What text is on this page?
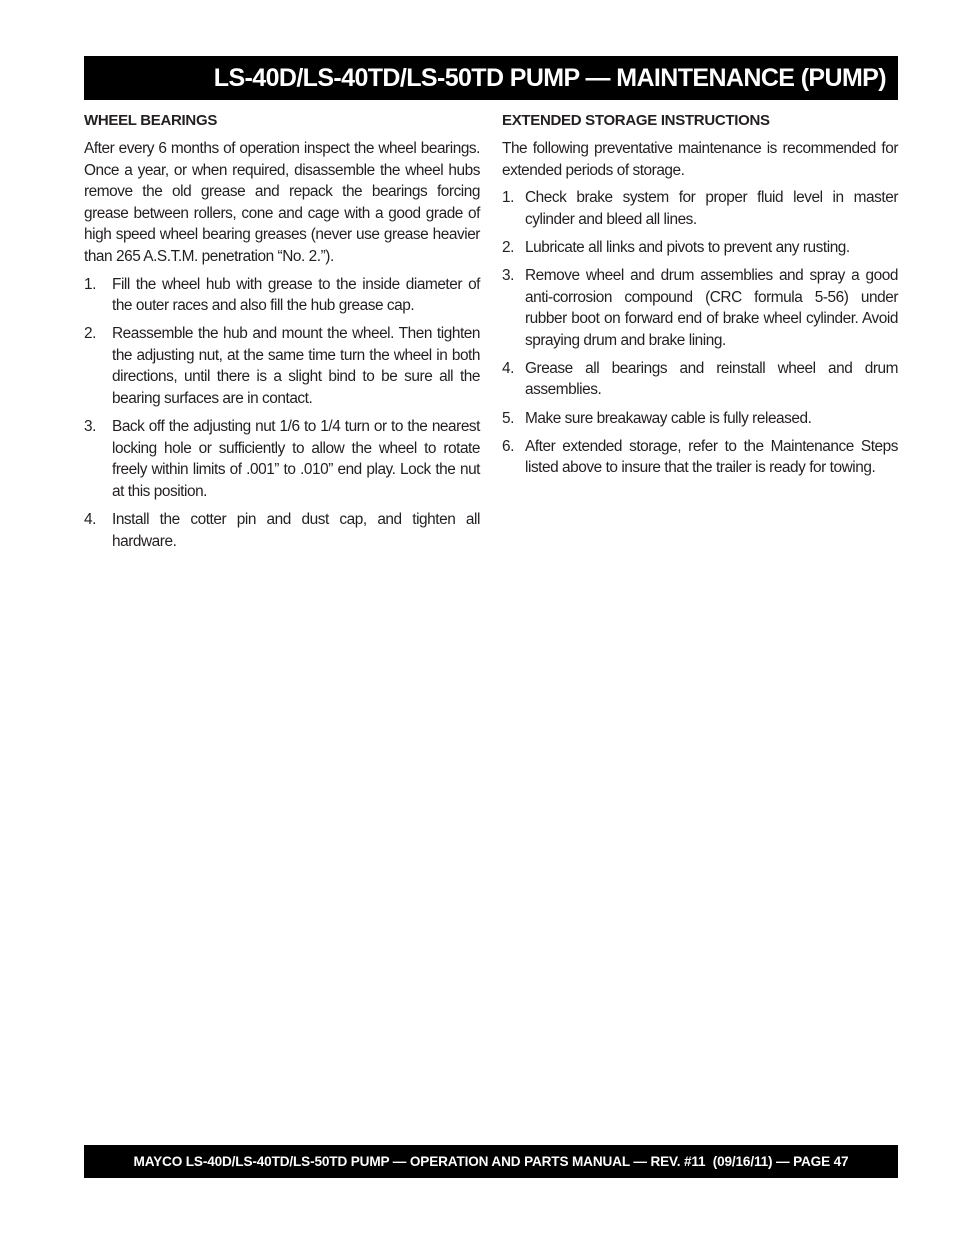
LS-40D/LS-40TD/LS-50TD PUMP — MAINTENANCE (PUMP)
WHEEL BEARINGS

After every 6 months of operation inspect the wheel bearings. Once a year, or when required, disassemble the wheel hubs remove the old grease and repack the bearings forcing grease between rollers, cone and cage with a good grade of high speed wheel bearing greases (never use grease heavier than 265 A.S.T.M. penetration “No. 2.”).

1.	Fill the wheel hub with grease to the inside diameter of the outer races and also fill the hub grease cap.
2.	Reassemble the hub and mount the wheel. Then tighten the adjusting nut, at the same time turn the wheel in both directions, until there is a slight bind to be sure all the bearing surfaces are in contact.
3.	Back off the adjusting nut 1/6 to 1/4 turn or to the nearest locking hole or sufficiently to allow the wheel to rotate freely within limits of .001” to .010” end play. Lock the nut at this position.
4.	Install the cotter pin and dust cap, and tighten all hardware.
EXTENDED STORAGE INSTRUCTIONS

The following preventative maintenance is recommended for extended periods of storage.

1. Check brake system for proper fluid level in master cylinder and bleed all lines.
2. Lubricate all links and pivots to prevent any rusting.
3. Remove wheel and drum assemblies and spray a good anti-corrosion compound (CRC formula 5-56) under rubber boot on forward end of brake wheel cylinder. Avoid spraying drum and brake lining.
4. Grease all bearings and reinstall wheel and drum assemblies.
5. Make sure breakaway cable is fully released.
6. After extended storage, refer to the Maintenance Steps listed above to insure that the trailer is ready for towing.
MAYCO LS-40D/LS-40TD/LS-50TD PUMP — OPERATION AND PARTS MANUAL — REV. #11  (09/16/11) — PAGE 47
